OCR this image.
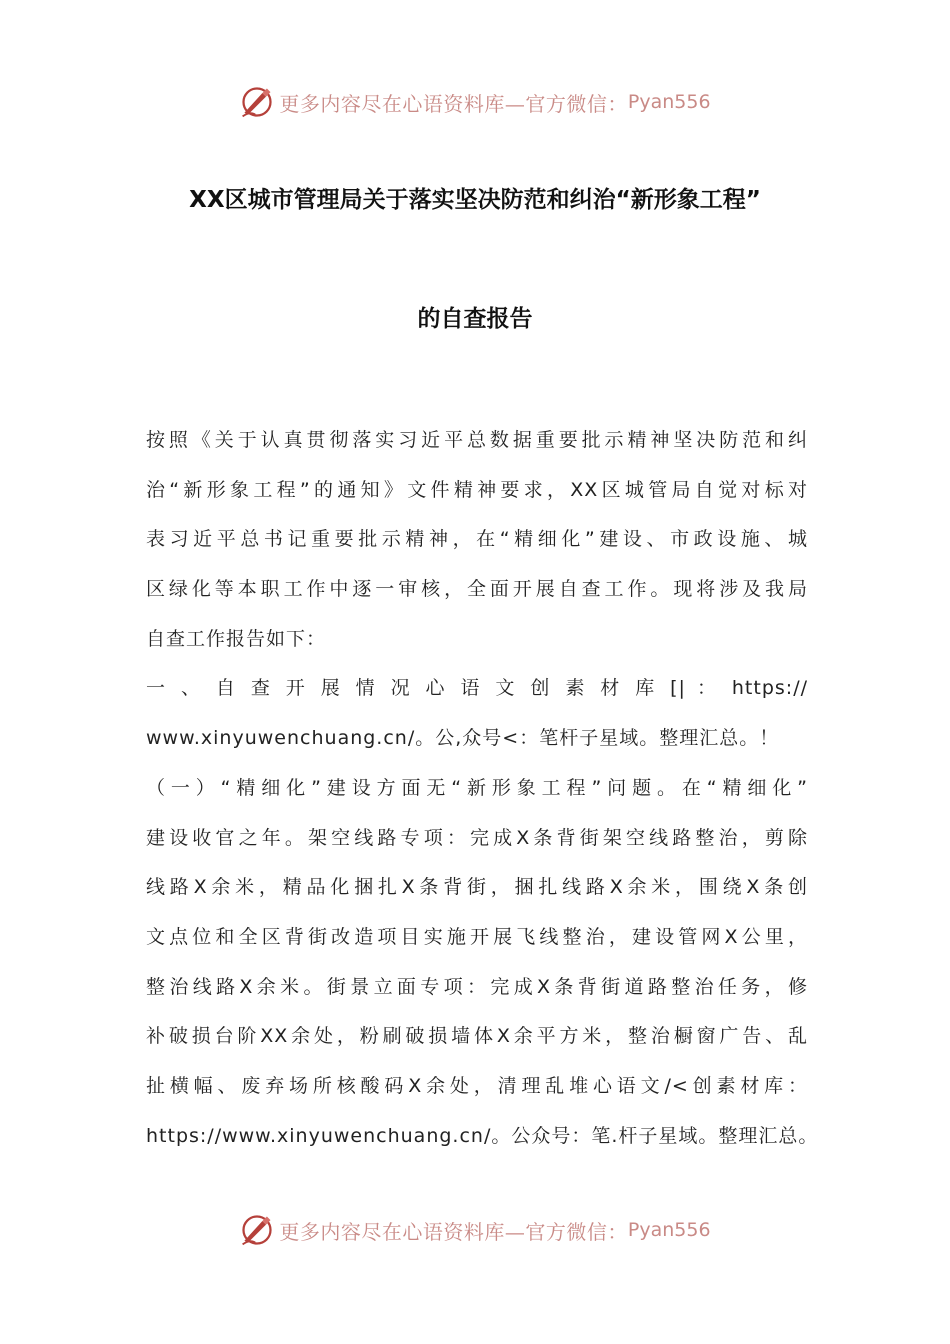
更多内容尽在心语资料库—官方微信： Pyan556
XX区城市管理局关于落实坚决防范和纠治“新形象工程”
的自查报告
按照《关于认真贯彻落实习近平总数据重要批示精神坚决防范和纠
治“新形象工程”的通知》文件精神要求，XX区城管局自觉对标对
表习近平总书记重要批示精神，在“精细化”建设、市政设施、城
区绿化等本职工作中逐一审核，全面开展自查工作。现将涉及我局
自查工作报告如下：
一 、 自 查 开 展 情 况 心 语 文 创 素 材 库 [| ： https://
www.xinyuwenchuang.cn/。公,众号<：笔杆子星域。整理汇总。！
（一）“精细化”建设方面无“新形象工程”问题。在“精细化”
建设收官之年。架空线路专项：完成X条背街架空线路整治，剪除
线路X余米，精品化捆扎X条背街，捆扎线路X余米，围绕X条创
文点位和全区背街改造项目实施开展飞线整治，建设管网X公里，
整治线路X余米。街景立面专项：完成X条背街道路整治任务，修
补破损台阶XX余处，粉刷破损墙体X余平方米，整治橱窗广告、乱
扯横幅、废弃场所核酸码X余处，清理乱堆心语文/<创素材库：
https://www.xinyuwenchuang.cn/。公众号：笔.杆子星域。整理汇总。
更多内容尽在心语资料库—官方微信： Pyan556
